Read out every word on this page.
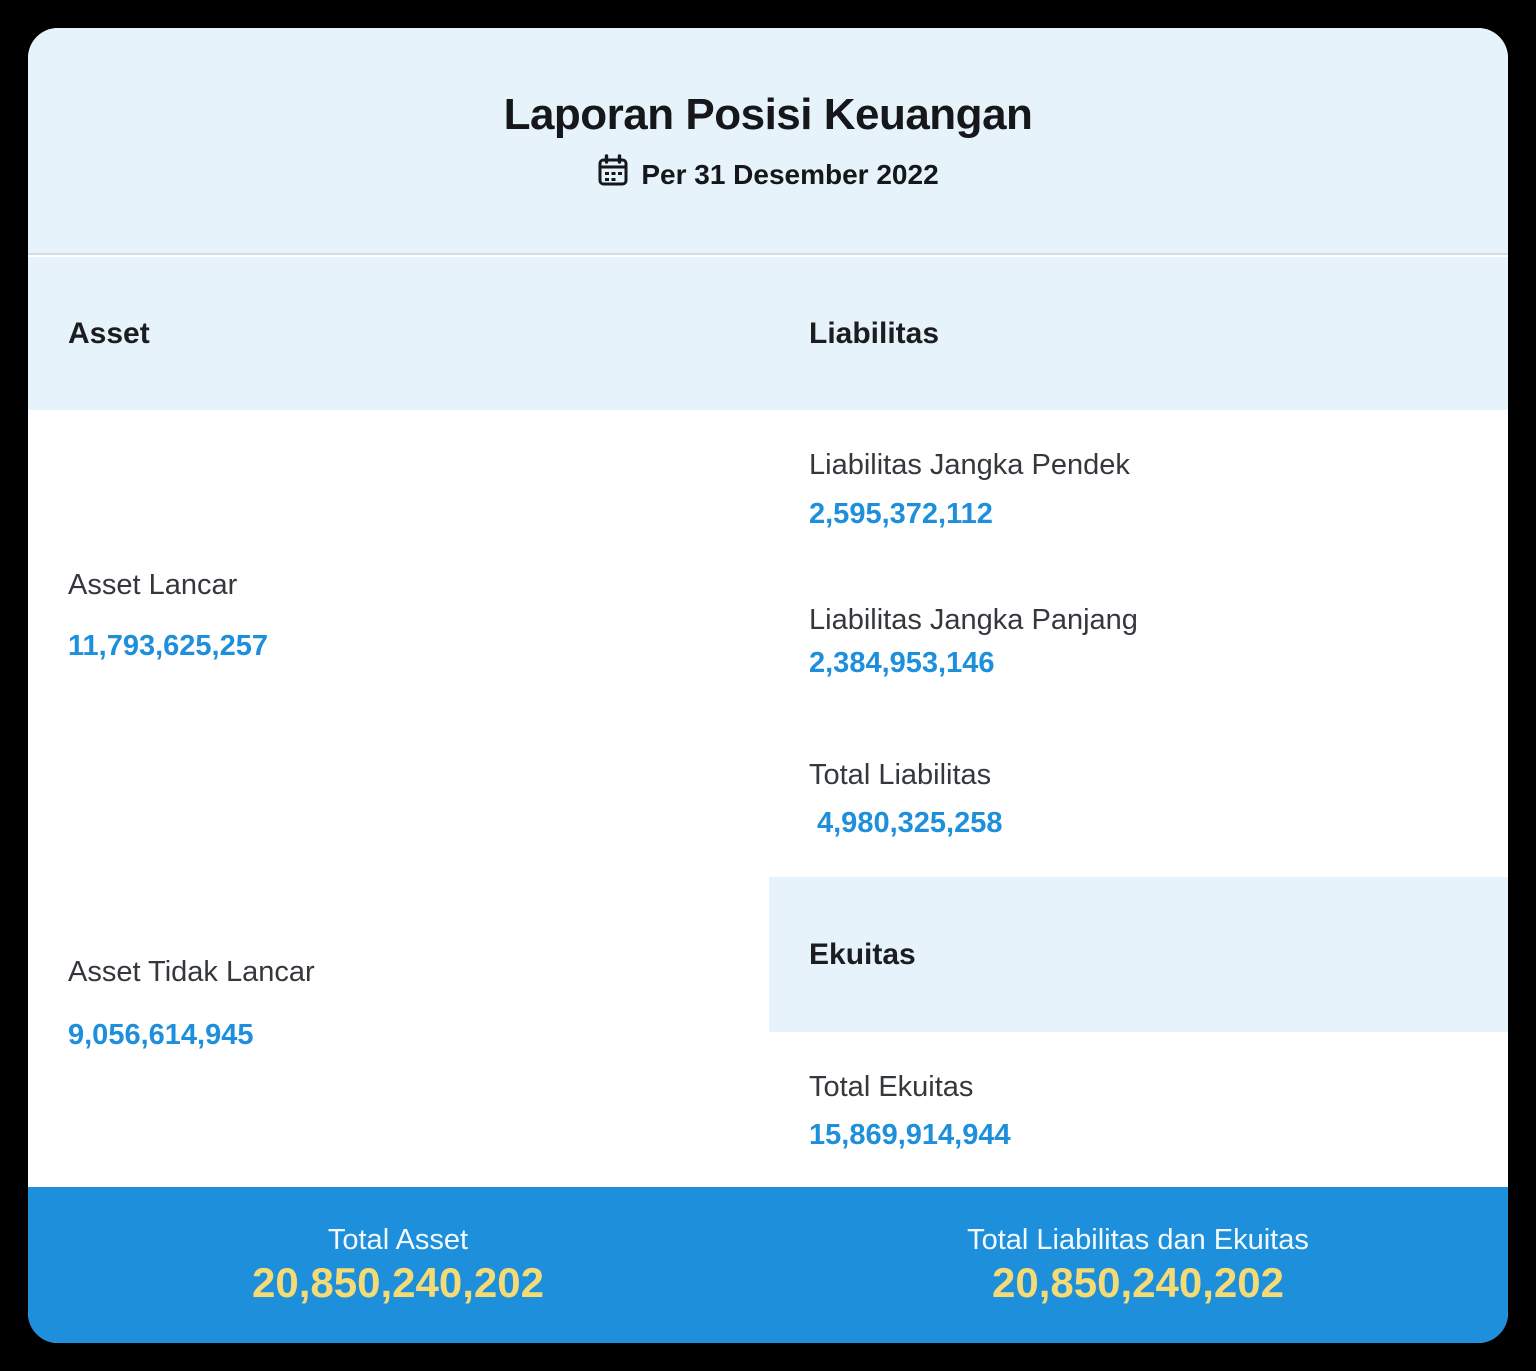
Laporan Posisi Keuangan
Per 31 Desember 2022
Asset	Liabilitas
Asset Lancar
11,793,625,257
Asset Tidak Lancar
9,056,614,945
Liabilitas Jangka Pendek
2,595,372,112
Liabilitas Jangka Panjang
2,384,953,146
Total Liabilitas
4,980,325,258
Ekuitas
Total Ekuitas
15,869,914,944
Total Asset
20,850,240,202
Total Liabilitas dan Ekuitas
20,850,240,202
